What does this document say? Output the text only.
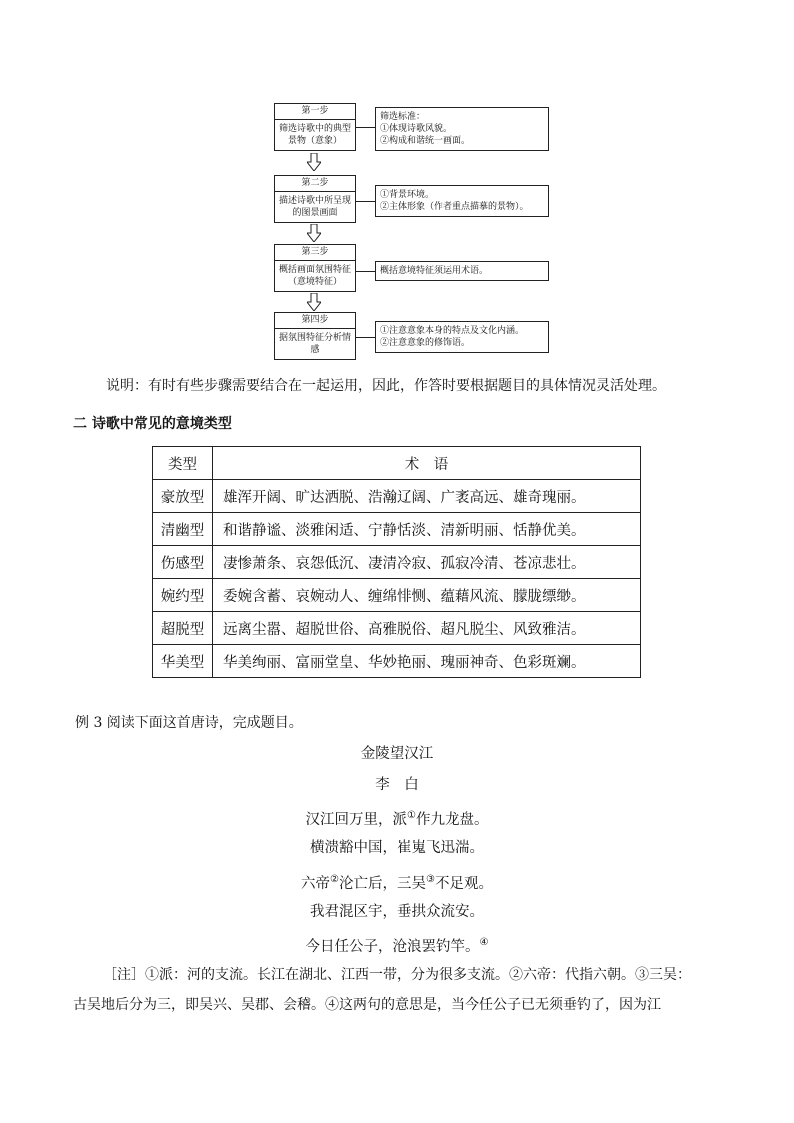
第一步
筛选诗歌中的典型景物（意象）
筛选标准：
①体现诗歌风貌。
②构成和谐统一画面。
第二步
描述诗歌中所呈现的图景画面
①背景环境。
②主体形象（作者重点描摹的景物）。
第三步
概括画面氛围特征（意境特征）
概括意境特征须运用术语。
第四步
据氛围特征分析情感
①注意意象本身的特点及文化内涵。
②注意意象的修饰语。
说明：有时有些步骤需要结合在一起运用，因此，作答时要根据题目的具体情况灵活处理。
二 诗歌中常见的意境类型
类型	术　语
豪放型	雄浑开阔、旷达洒脱、浩瀚辽阔、广袤高远、雄奇瑰丽。
清幽型	和谐静谧、淡雅闲适、宁静恬淡、清新明丽、恬静优美。
伤感型	凄惨萧条、哀怨低沉、凄清冷寂、孤寂冷清、苍凉悲壮。
婉约型	委婉含蓄、哀婉动人、缠绵悱恻、蕴藉风流、朦胧缥缈。
超脱型	远离尘嚣、超脱世俗、高雅脱俗、超凡脱尘、风致雅洁。
华美型	华美绚丽、富丽堂皇、华妙艳丽、瑰丽神奇、色彩斑斓。
例 3 阅读下面这首唐诗，完成题目。
金陵望汉江
李　白
汉江回万里，派①作九龙盘。
横溃豁中国，崔嵬飞迅湍。
六帝②沦亡后，三吴③不足观。
我君混区宇，垂拱众流安。
今日任公子，沧浪罢钓竿。④
［注］①派：河的支流。长江在湖北、江西一带，分为很多支流。②六帝：代指六朝。③三吴：
古吴地后分为三，即吴兴、吴郡、会稽。④这两句的意思是，当今任公子已无须垂钓了，因为江
